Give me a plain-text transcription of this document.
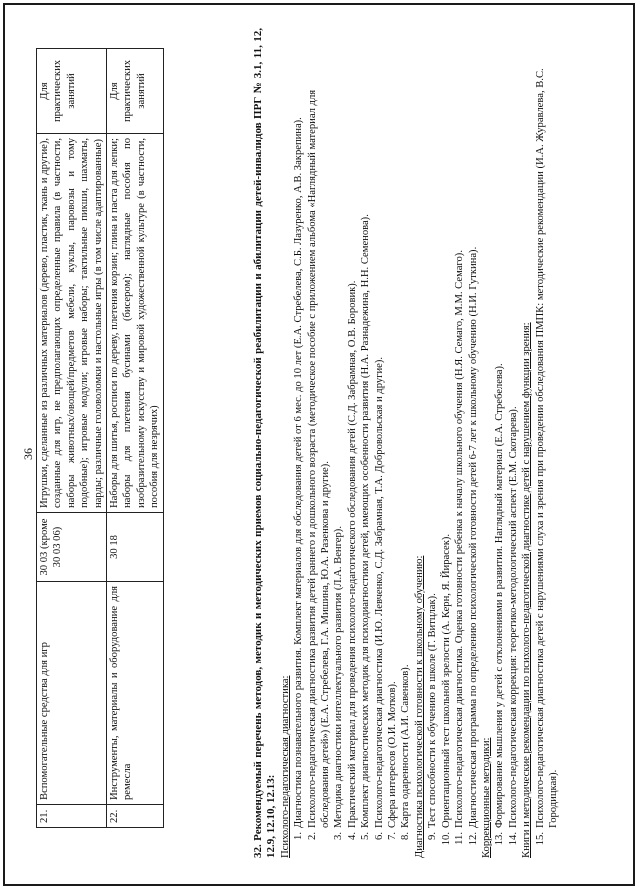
36
21.	Вспомогательные средства для игр	30 03 (кроме 30 03 06)	Игрушки, сделанные из различных материалов (дерево, пластик, ткань и другие), созданные для игр, не предполагающих определенные правила (в частности, наборы животных/овощей/предметов мебели, куклы, паровозы и тому подобные); игровые модули; игровые наборы; тактильные пикши, шахматы, нарды; различные головоломки и настольные игры (в том числе адаптированные)	Для практических занятий
22.	Инструменты, материалы и оборудование для ремесла	30 18	Наборы для шитья, росписи по дереву, плетения корзин; глина и паста для лепки; наборы для плетения бусинами (бисером); наглядные пособия по изобразительному искусству и мировой художественной культуре (в частности, пособия для незрячих)	Для практических занятий	32. Рекомендуемый перечень методов, методик и методических приемов социально-педагогической реабилитации и абилитации детей-инвалидов ПРГ № 3.1, 11, 12, 12.9, 12.10, 12.13: Психолого-педагогическая диагностика: 1.
Диагностика познавательного развития. Комплект материалов для обследования детей от 6 мес. до 10 лет (Е.А. Стребелева, С.Б. Лазуренко, А.В. Закрепина).
2.
Психолого-педагогическая диагностика развития детей раннего и дошкольного возраста (методическое пособие с приложением альбома «Наглядный материал для обследования детей») (Е.А. Стребелева, Г.А. Мишина, Ю.А. Разенкова и другие).
3.
Методика диагностики интеллектуального развития (Л.А. Венгер).
4.
Практический материал для проведения психолого-педагогического обследования детей (С.Д. Забрамная, О.В. Боровик).
5.
Комплект диагностических методик для психодиагностики детей, имеющих особенности развития (Н.А. Разнадежина, Н.Н. Семенова).
6.
Психолого-педагогическая диагностика (И.Ю. Левченко, С.Д. Забрамная, Т.А. Добровольская и другие).
7.
Сфера интересов (О.И. Мотков).
8.
Карта одаренности (А.И. Савенков). Диагностика психологической готовности к школьному обучению: 9.
Тест способности к обучению в школе (Г. Витцлак).
10.
Ориентационный тест школьной зрелости (А. Керн, Я. Йирасек).
11.
Психолого-педагогическая диагностика. Оценка готовности ребенка к началу школьного обучения (Н.Я. Семаго, М.М. Семаго).
12.
Диагностическая программа по определению психологической готовности детей 6-7 лет к школьному обучению (Н.И. Гуткина). Коррекционные методики: 13.
Формирование мышления у детей с отклонениями в развитии. Наглядный материал (Е.А. Стребелева).
14.
Психолого-педагогическая коррекция: теоретико-методологический аспект (Е.М. Скотарева). Книги и методические рекомендации по психолого-педагогической диагностике детей с нарушением функции зрения: 15.
Психолого-педагогическая диагностика детей с нарушениями слуха и зрения при проведении обследования ПМПК: методические рекомендации (И.А. Журавлева, В.С. Городицкая).
